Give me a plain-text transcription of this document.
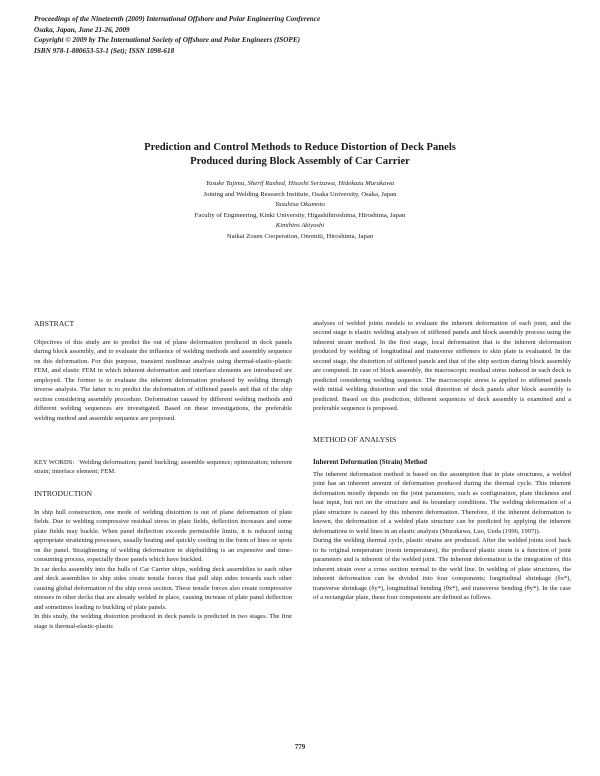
Proceedings of the Nineteenth (2009) International Offshore and Polar Engineering Conference
Osaka, Japan, June 21-26, 2009
Copyright © 2009 by The International Society of Offshore and Polar Engineers (ISOPE)
ISBN 978-1-880653-53-1 (Set); ISSN 1098-618
Prediction and Control Methods to Reduce Distortion of Deck Panels
Produced during Block Assembly of Car Carrier
Yusuke Tajima, Sherif Rashed, Hisashi Serizawa, Hidekazu Murakawa
Joining and Welding Research Institute, Osaka University, Osaka, Japan
Yasuhisa Okumoto
Faculty of Engineering, Kinki University, Higashihiroshima, Hiroshima, Japan
Kimihiro Akiyoshi
Naikai Zosen Cooperation, Onomiti, Hiroshima, Japan
ABSTRACT

Objectives of this study are to predict the out of plane deformation produced in deck panels during block assembly, and to evaluate the influence of welding methods and assembly sequence on this deformation. For this purpose, transient nonlinear analysis using thermal-elastic-plastic FEM, and elastic FEM in which inherent deformation and interface elements are introduced are employed. The former is to evaluate the inherent deformation produced by welding through inverse analysis. The latter is to predict the deformation of stiffened panels and that of the ship section considering assembly procedure. Deformation caused by different welding methods and different welding sequences are investigated. Based on these investigations, the preferable welding method and assemble sequence are proposed.

KEY WORDS: Welding deformation; panel buckling; assemble sequence; optimization; inherent strain; interface element; FEM.
INTRODUCTION

In ship hull construction, one mode of welding distortion is out of plane deformation of plate fields. Due to welding compressive residual stress in plate fields, deflection increases and some plate fields may buckle. When panel deflection exceeds permissible limits, it is reduced using appropriate straitening processes, usually heating and quickly cooling in the form of lines or spots on the panel. Straightening of welding deformation in shipbuilding is an expensive and time-consuming process, especially those panels which have buckled.

In car decks assembly into the hulls of Car Carrier ships, welding deck assemblies to each other and deck assemblies to ship sides create tensile forces that pull ship sides towards each other causing global deformation of the ship cross section. These tensile forces also create compressive stresses in other decks that are already welded in place, causing increase of plate panel deflection and sometimes leading to buckling of plate panels.

In this study, the welding distortion produced in deck panels is predicted in two stages. The first stage is thermal-elastic-plastic

analyses of welded joints models to evaluate the inherent deformation of each joint, and the second stage is elastic welding analyses of stiffened panels and block assembly process using the inherent strain method. In the first stage, local deformation that is the inherent deformation produced by welding of longitudinal and transverse stiffeners to skin plate is evaluated. In the second stage, the distortion of stiffened panels and that of the ship section during block assembly are computed. In case of block assembly, the macroscopic residual stress induced in each deck is predicted considering welding sequence. The macroscopic stress is applied to stiffened panels with initial welding distortion and the total distortion of deck panels after block assembly is predicted. Based on this prediction, different sequences of deck assembly is examined and a preferable sequence is proposed.

METHOD OF ANALYSIS
Inherent Deformation (Strain) Method

The inherent deformation method is based on the assumption that in plate structures, a welded joint has an inherent amount of deformation produced during the thermal cycle. This inherent deformation mostly depends on the joint parameters, such as configuration, plate thickness and heat input, but not on the structure and its boundary conditions. The welding deformation of a plate structure is caused by this inherent deformation. Therefore, if the inherent deformation is known, the deformation of a welded plate structure can be predicted by applying the inherent deformations to weld lines in an elastic analysis (Murakawa, Luo, Ueda (1996, 1997)).

During the welding thermal cycle, plastic strains are produced. After the welded joints cool back to its original temperature (room temperature), the produced plastic strain is a function of joint parameters and is inherent of the welded joint. The inherent deformation is the integration of this inherent strain over a cross section normal to the weld line. In welding of plate structures, the inherent deformation can be divided into four components; longitudinal shrinkage (δx*), transverse shrinkage (δy*), longitudinal bending (θx*), and transverse bending (θy*). In the case of a rectangular plate, these four components are defined as follows.

779
